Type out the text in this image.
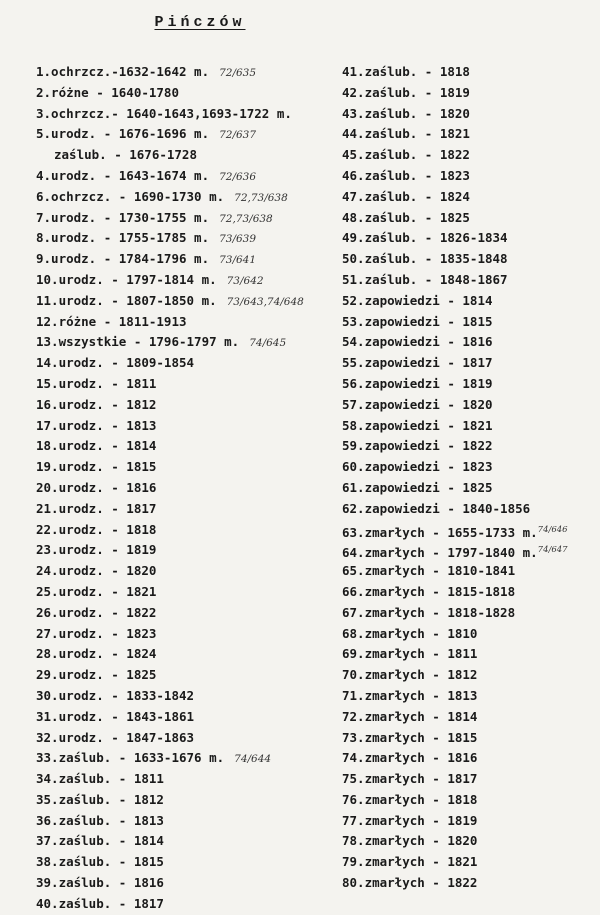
Pińczów
1.ochrzcz.-1632-1642 m. 72/635
2.różne - 1640-1780
3.ochrzcz.- 1640-1643,1693-1722 m.
5.urodz. - 1676-1696 m. 72/637
zaślub. - 1676-1728
4.urodz. - 1643-1674 m. 72/636
6.ochrzcz. - 1690-1730 m. 72,73/638
7.urodz. - 1730-1755 m. 72,73/638
8.urodz. - 1755-1785 m. 73/639
9.urodz. - 1784-1796 m. 73/641
10.urodz. - 1797-1814 m. 73/642
11.urodz. - 1807-1850 m. 73/643,74/648
12.różne - 1811-1913
13.wszystkie - 1796-1797 m. 74/645
14.urodz. - 1809-1854
15.urodz. - 1811
16.urodz. - 1812
17.urodz. - 1813
18.urodz. - 1814
19.urodz. - 1815
20.urodz. - 1816
21.urodz. - 1817
22.urodz. - 1818
23.urodz. - 1819
24.urodz. - 1820
25.urodz. - 1821
26.urodz. - 1822
27.urodz. - 1823
28.urodz. - 1824
29.urodz. - 1825
30.urodz. - 1833-1842
31.urodz. - 1843-1861
32.urodz. - 1847-1863
33.zaślub. - 1633-1676 m. 74/644
34.zaślub. - 1811
35.zaślub. - 1812
36.zaślub. - 1813
37.zaślub. - 1814
38.zaślub. - 1815
39.zaślub. - 1816
40.zaślub. - 1817
41.zaślub. - 1818
42.zaślub. - 1819
43.zaślub. - 1820
44.zaślub. - 1821
45.zaślub. - 1822
46.zaślub. - 1823
47.zaślub. - 1824
48.zaślub. - 1825
49.zaślub. - 1826-1834
50.zaślub. - 1835-1848
51.zaślub. - 1848-1867
52.zapowiedzi - 1814
53.zapowiedzi - 1815
54.zapowiedzi - 1816
55.zapowiedzi - 1817
56.zapowiedzi - 1819
57.zapowiedzi - 1820
58.zapowiedzi - 1821
59.zapowiedzi - 1822
60.zapowiedzi - 1823
61.zapowiedzi - 1825
62.zapowiedzi - 1840-1856
63.zmarłych - 1655-1733 m.$^{74/646}$
64.zmarłych - 1797-1840 m.$^{74/647}$
65.zmarłych - 1810-1841
66.zmarłych - 1815-1818
67.zmarłych - 1818-1828
68.zmarłych - 1810
69.zmarłych - 1811
70.zmarłych - 1812
71.zmarłych - 1813
72.zmarłych - 1814
73.zmarłych - 1815
74.zmarłych - 1816
75.zmarłych - 1817
76.zmarłych - 1818
77.zmarłych - 1819
78.zmarłych - 1820
79.zmarłych - 1821
80.zmarłych - 1822
